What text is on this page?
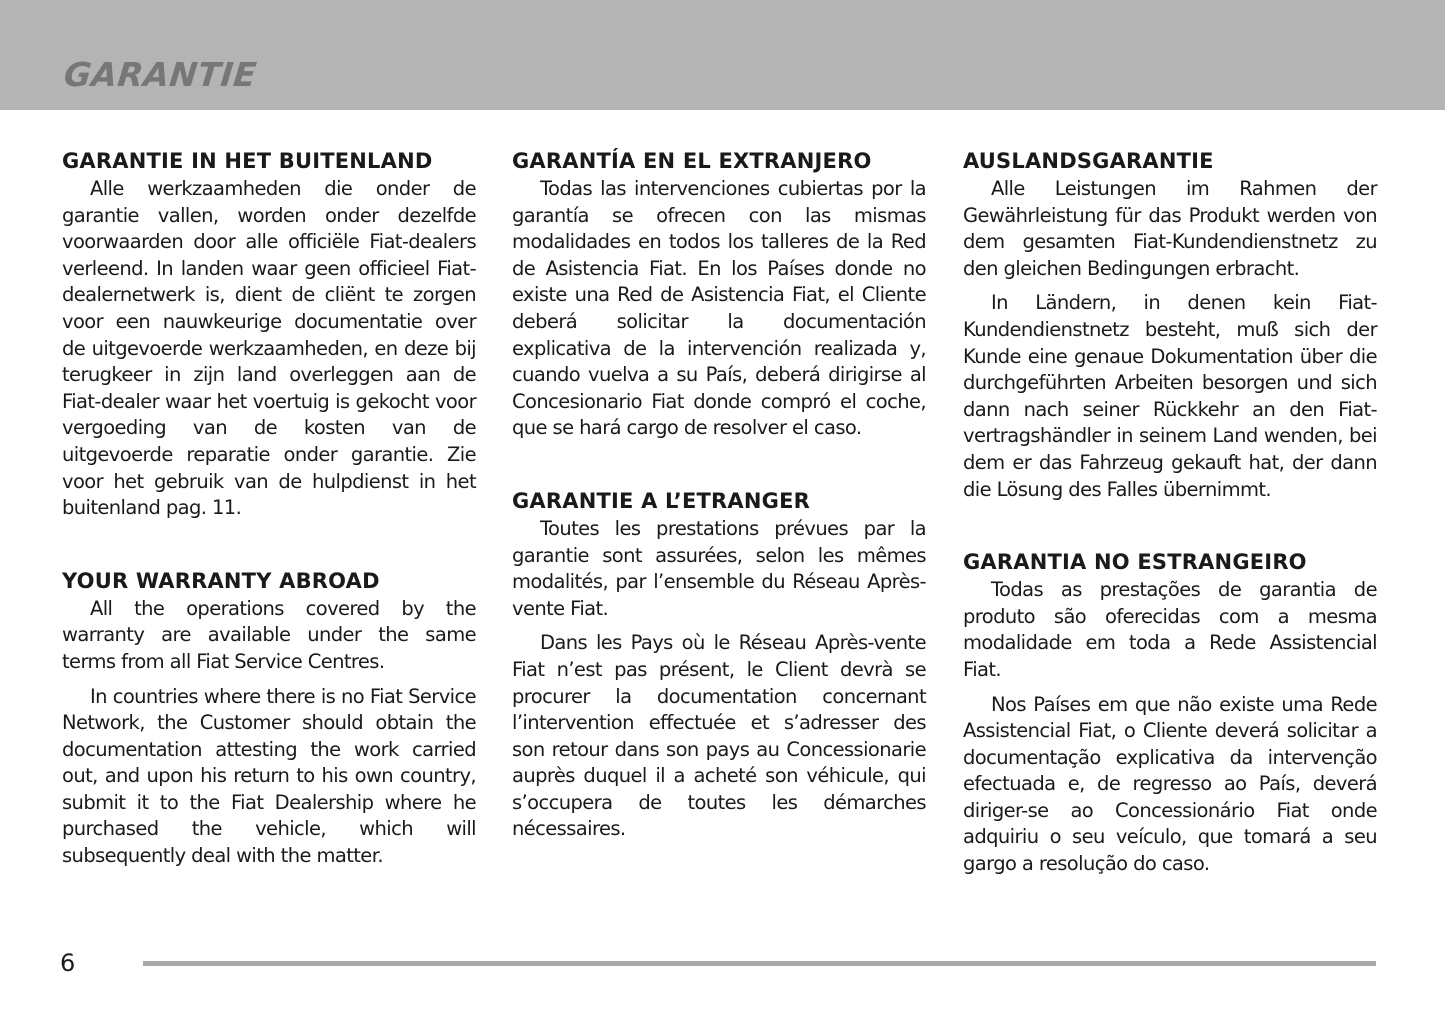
GARANTIE
GARANTIE IN HET BUITENLAND

Alle werkzaamheden die onder de garantie vallen, worden onder dezelfde voorwaarden door alle officiële Fiat-dealers verleend. In landen waar geen officieel Fiat-dealernetwerk is, dient de cliënt te zorgen voor een nauwkeurige documentatie over de uitgevoerde werkzaamheden, en deze bij terugkeer in zijn land overleggen aan de Fiat-dealer waar het voertuig is gekocht voor vergoeding van de kosten van de uitgevoerde reparatie onder garantie. Zie voor het gebruik van de hulpdienst in het buitenland pag. 11.

YOUR WARRANTY ABROAD

All the operations covered by the warranty are available under the same terms from all Fiat Service Centres.

In countries where there is no Fiat Service Network, the Customer should obtain the documentation attesting the work carried out, and upon his return to his own country, submit it to the Fiat Dealership where he purchased the vehicle, which will subsequently deal with the matter.

GARANTÍA EN EL EXTRANJERO

Todas las intervenciones cubiertas por la garantía se ofrecen con las mismas modalidades en todos los talleres de la Red de Asistencia Fiat. En los Países donde no existe una Red de Asistencia Fiat, el Cliente deberá solicitar la documentación explicativa de la intervención realizada y, cuando vuelva a su País, deberá dirigirse al Concesionario Fiat donde compró el coche, que se hará cargo de resolver el caso.

GARANTIE A L’ETRANGER

Toutes les prestations prévues par la garantie sont assurées, selon les mêmes modalités, par l’ensemble du Réseau Après-vente Fiat.

Dans les Pays où le Réseau Après-vente Fiat n’est pas présent, le Client devrà se procurer la documentation concernant l’intervention effectuée et s’adresser des son retour dans son pays au Concessionarie auprès duquel il a acheté son véhicule, qui s’occupera de toutes les démarches nécessaires.

AUSLANDSGARANTIE

Alle Leistungen im Rahmen der Gewährleistung für das Produkt werden von dem gesamten Fiat-Kundendienstnetz zu den gleichen Bedingungen erbracht.

In Ländern, in denen kein Fiat-Kundendienstnetz besteht, muß sich der Kunde eine genaue Dokumentation über die durchgeführten Arbeiten besorgen und sich dann nach seiner Rückkehr an den Fiat-vertragshändler in seinem Land wenden, bei dem er das Fahrzeug gekauft hat, der dann die Lösung des Falles übernimmt.

GARANTIA NO ESTRANGEIRO

Todas as prestações de garantia de produto são oferecidas com a mesma modalidade em toda a Rede Assistencial Fiat.

Nos Países em que não existe uma Rede Assistencial Fiat, o Cliente deverá solicitar a documentação explicativa da intervenção efectuada e, de regresso ao País, deverá diriger-se ao Concessionário Fiat onde adquiriu o seu veículo, que tomará a seu gargo a resolução do caso.

6
